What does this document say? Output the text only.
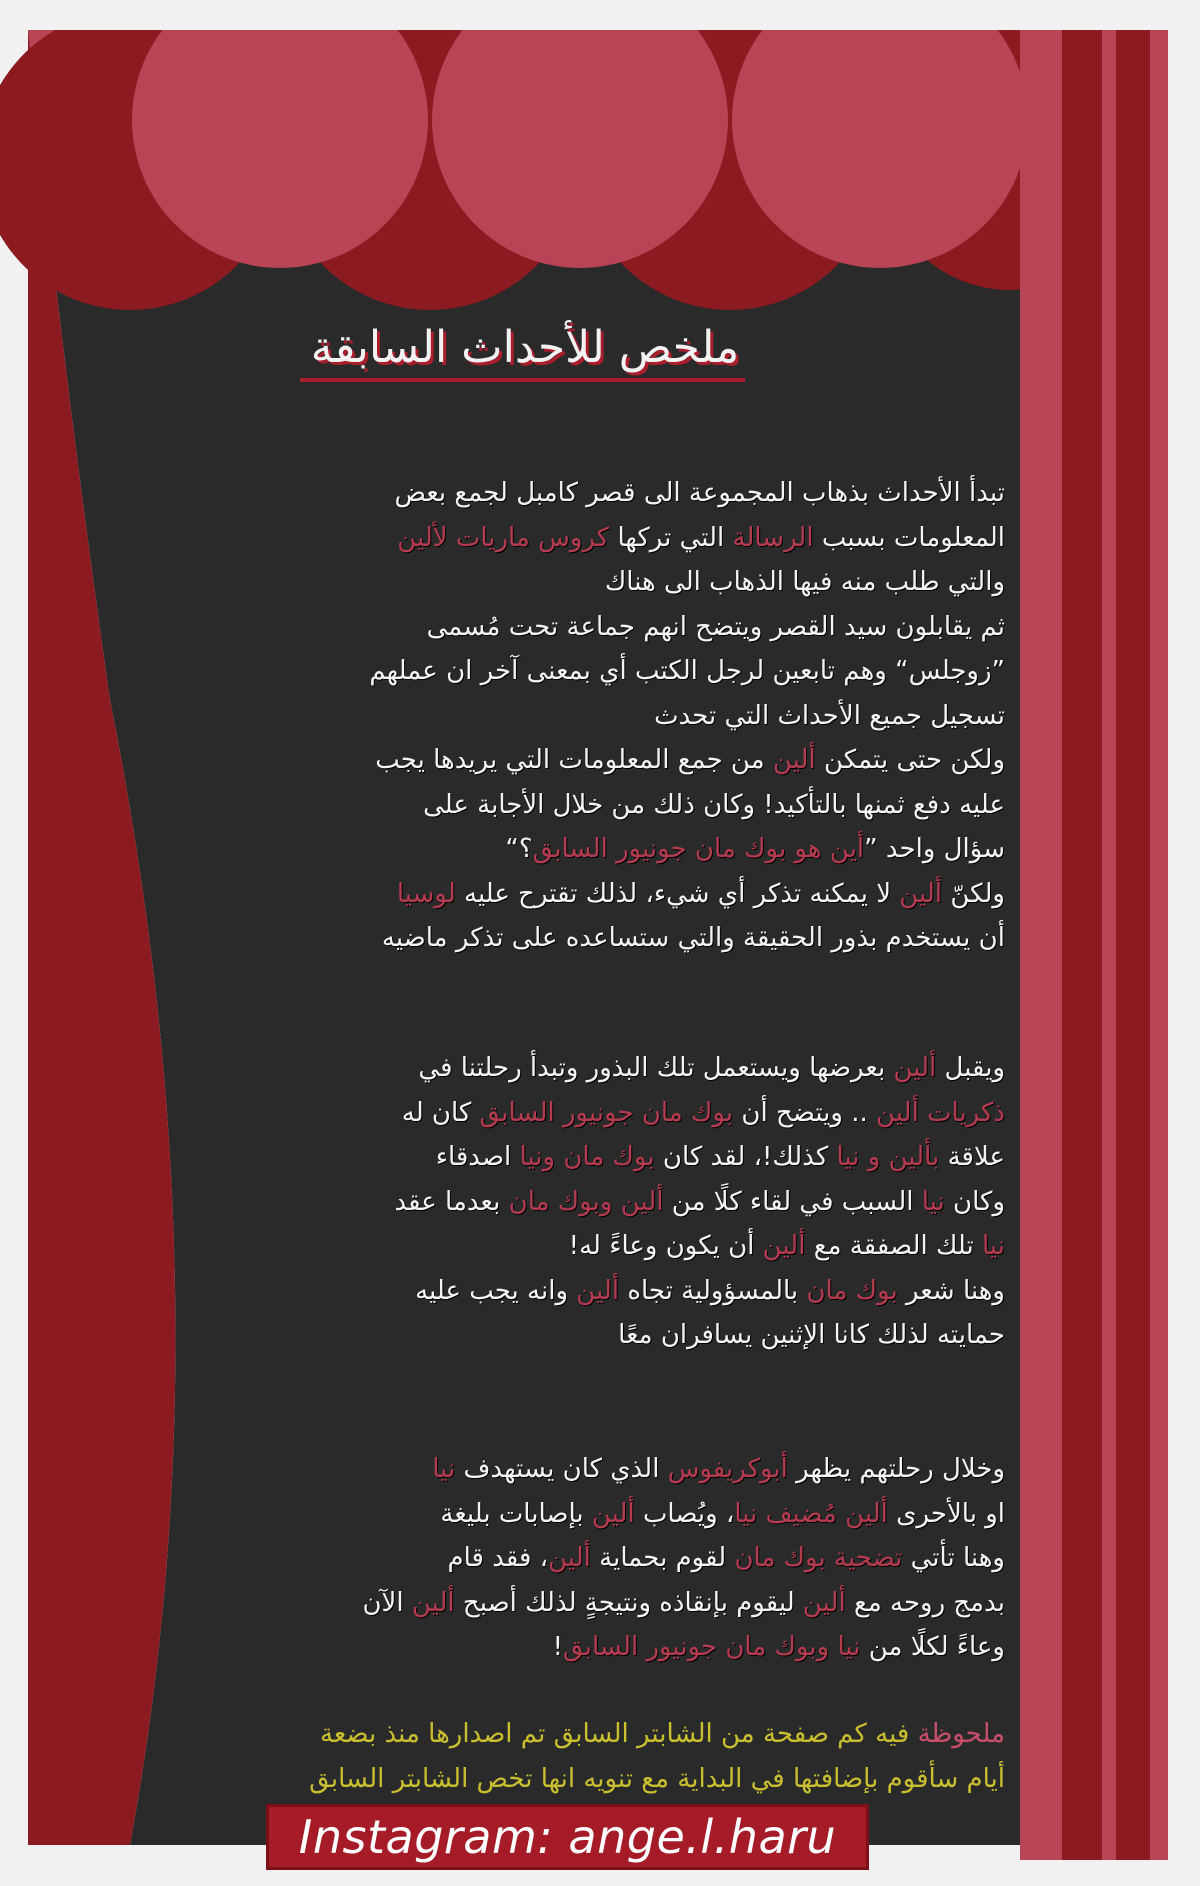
ملخص للأحداث السابقة
تبدأ الأحداث بذهاب المجموعة الى قصر كامبل لجمع بعض
المعلومات بسبب الرسالة التي تركها كروس ماريات لألين
والتي طلب منه فيها الذهاب الى هناك
ثم يقابلون سيد القصر ويتضح انهم جماعة تحت مُسمى
”زوجلس“ وهم تابعين لرجل الكتب أي بمعنى آخر ان عملهم
تسجيل جميع الأحداث التي تحدث
ولكن حتى يتمكن ألين من جمع المعلومات التي يريدها يجب
عليه دفع ثمنها بالتأكيد! وكان ذلك من خلال الأجابة على
سؤال واحد ”أين هو بوك مان جونيور السابق؟“
ولكنّ ألين لا يمكنه تذكر أي شيء، لذلك تقترح عليه لوسيا
أن يستخدم بذور الحقيقة والتي ستساعده على تذكر ماضيه
ويقبل ألين بعرضها ويستعمل تلك البذور وتبدأ رحلتنا في
ذكريات ألين .. ويتضح أن بوك مان جونيور السابق كان له
علاقة بألين و نيا كذلك!، لقد كان بوك مان ونيا اصدقاء
وكان نيا السبب في لقاء كلًا من ألين وبوك مان بعدما عقد
نيا تلك الصفقة مع ألين أن يكون وعاءً له!
وهنا شعر بوك مان بالمسؤولية تجاه ألين وانه يجب عليه
حمايته لذلك كانا الإثنين يسافران معًا
وخلال رحلتهم يظهر أبوكريفوس الذي كان يستهدف نيا
او بالأحرى ألين مُضيف نيا، ويُصاب ألين بإصابات بليغة
وهنا تأتي تضحية بوك مان لقوم بحماية ألين، فقد قام
بدمج روحه مع ألين ليقوم بإنقاذه ونتيجةٍ لذلك أصبح ألين الآن
وعاءً لكلًا من نيا وبوك مان جونيور السابق!
ملحوظة فيه كم صفحة من الشابتر السابق تم اصدارها منذ بضعة
أيام سأقوم بإضافتها في البداية مع تنويه انها تخص الشابتر السابق
Instagram: ange.l.haru
